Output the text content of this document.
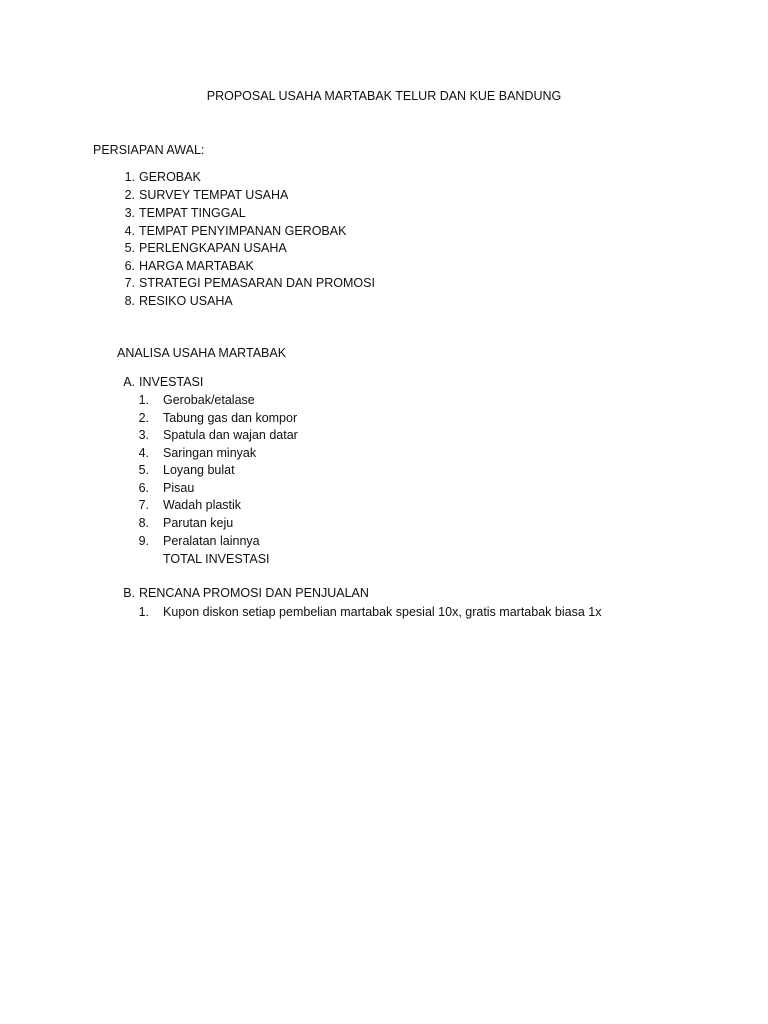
PROPOSAL USAHA MARTABAK TELUR DAN KUE BANDUNG
PERSIAPAN AWAL:
1. GEROBAK
2. SURVEY TEMPAT USAHA
3. TEMPAT TINGGAL
4. TEMPAT PENYIMPANAN GEROBAK
5. PERLENGKAPAN USAHA
6. HARGA MARTABAK
7. STRATEGI PEMASARAN DAN PROMOSI
8. RESIKO USAHA
ANALISA USAHA MARTABAK
A. INVESTASI
1. Gerobak/etalase
2. Tabung gas dan kompor
3. Spatula dan wajan datar
4. Saringan minyak
5. Loyang bulat
6. Pisau
7. Wadah plastik
8. Parutan keju
9. Peralatan lainnya
TOTAL INVESTASI
B. RENCANA PROMOSI DAN PENJUALAN
1. Kupon diskon setiap pembelian martabak spesial 10x, gratis martabak biasa 1x
